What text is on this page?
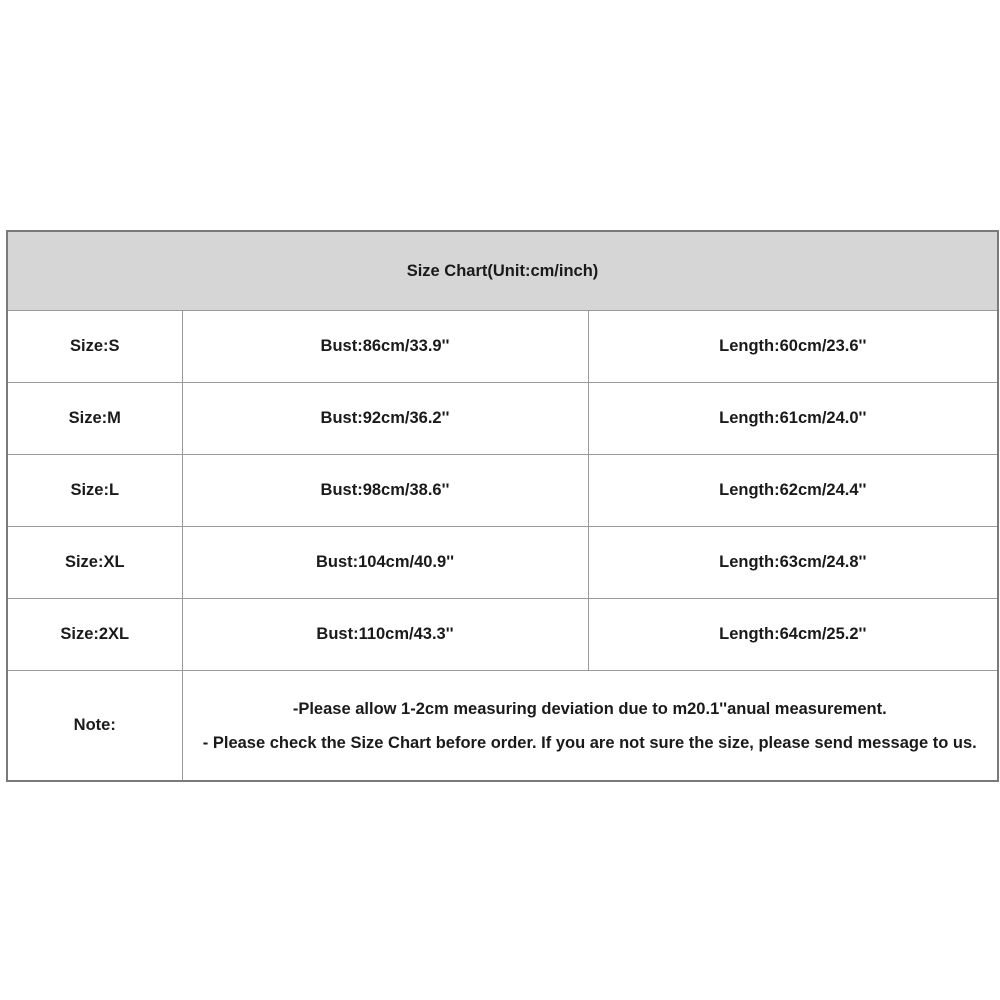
Size Chart(Unit:cm/inch)		
Size:S	Bust:86cm/33.9''	Length:60cm/23.6''
Size:M	Bust:92cm/36.2''	Length:61cm/24.0''
Size:L	Bust:98cm/38.6''	Length:62cm/24.4''
Size:XL	Bust:104cm/40.9''	Length:63cm/24.8''
Size:2XL	Bust:110cm/43.3''	Length:64cm/25.2''
Note:	-Please allow 1-2cm measuring deviation due to m20.1''anual measurement.
- Please check the Size Chart before order. If you are not sure the size, please send message to us.	
